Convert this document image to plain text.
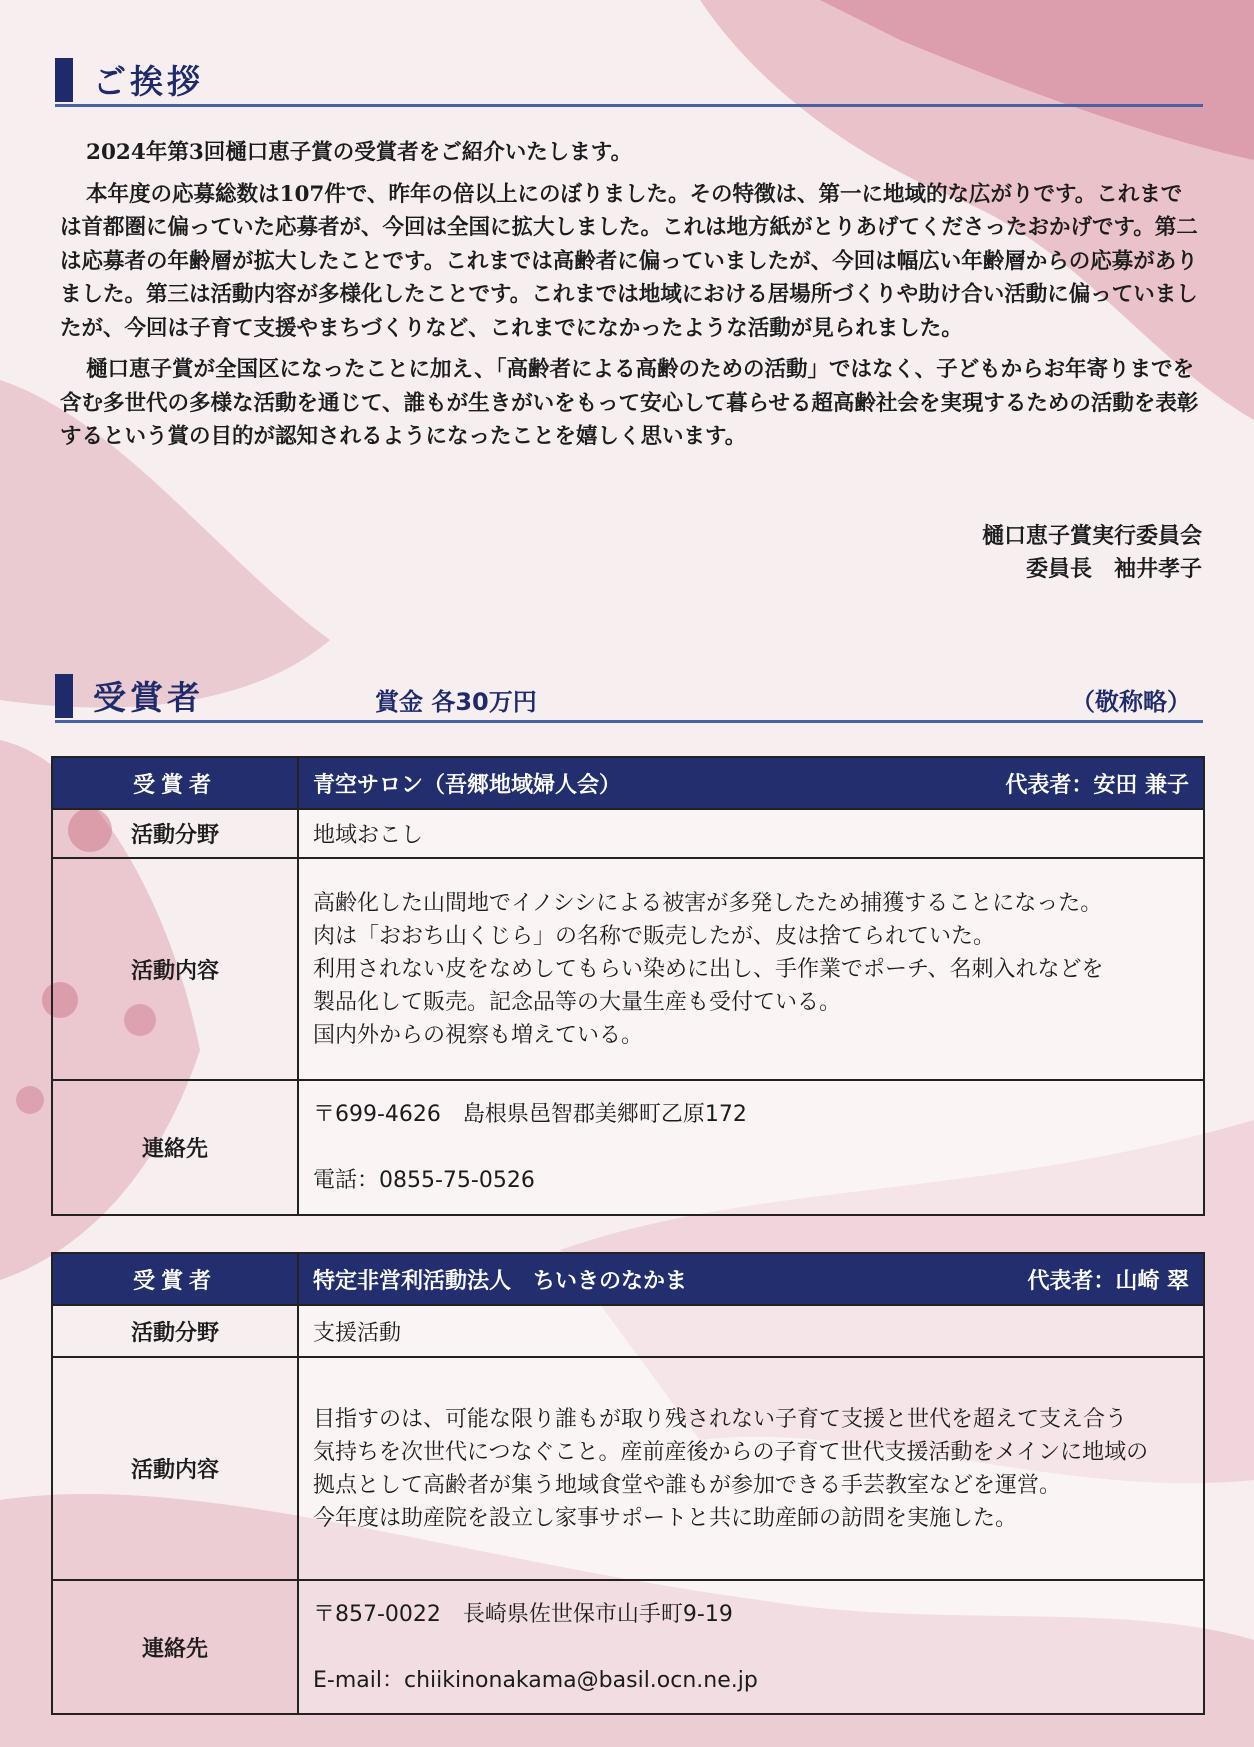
ご挨拶

2024年第3回樋口恵子賞の受賞者をご紹介いたします。

本年度の応募総数は107件で、昨年の倍以上にのぼりました。その特徴は、第一に地域的な広がりです。これまでは首都圏に偏っていた応募者が、今回は全国に拡大しました。これは地方紙がとりあげてくださったおかげです。第二は応募者の年齢層が拡大したことです。これまでは高齢者に偏っていましたが、今回は幅広い年齢層からの応募がありました。第三は活動内容が多様化したことです。これまでは地域における居場所づくりや助け合い活動に偏っていましたが、今回は子育て支援やまちづくりなど、これまでになかったような活動が見られました。

樋口恵子賞が全国区になったことに加え、「高齢者による高齢のための活動」ではなく、子どもからお年寄りまでを含む多世代の多様な活動を通じて、誰もが生きがいをもって安心して暮らせる超高齢社会を実現するための活動を表彰するという賞の目的が認知されるようになったことを嬉しく思います。

樋口恵子賞実行委員会
委員長　袖井孝子
受賞者	賞金 各30万円	（敬称略）
受賞者	青空サロン（吾郷地域婦人会） 代表者：安田 兼子

活動分野	地域おこし
活動内容	高齢化した山間地でイノシシによる被害が多発したため捕獲することになった。
肉は「おおち山くじら」の名称で販売したが、皮は捨てられていた。
利用されない皮をなめしてもらい染めに出し、手作業でポーチ、名刺入れなどを
製品化して販売。記念品等の大量生産も受付ている。
国内外からの視察も増えている。

連絡先	〒699-4626　島根県邑智郡美郷町乙原172
電話：0855-75-0526
受賞者	特定非営利活動法人　ちいきのなかま 代表者：山崎 翠

活動分野	支援活動
活動内容	目指すのは、可能な限り誰もが取り残されない子育て支援と世代を超えて支え合う
気持ちを次世代につなぐこと。産前産後からの子育て世代支援活動をメインに地域の
拠点として高齢者が集う地域食堂や誰もが参加できる手芸教室などを運営。
今年度は助産院を設立し家事サポートと共に助産師の訪問を実施した。

連絡先	〒857-0022　長崎県佐世保市山手町9-19
E-mail：chiikinonakama@basil.ocn.ne.jp
